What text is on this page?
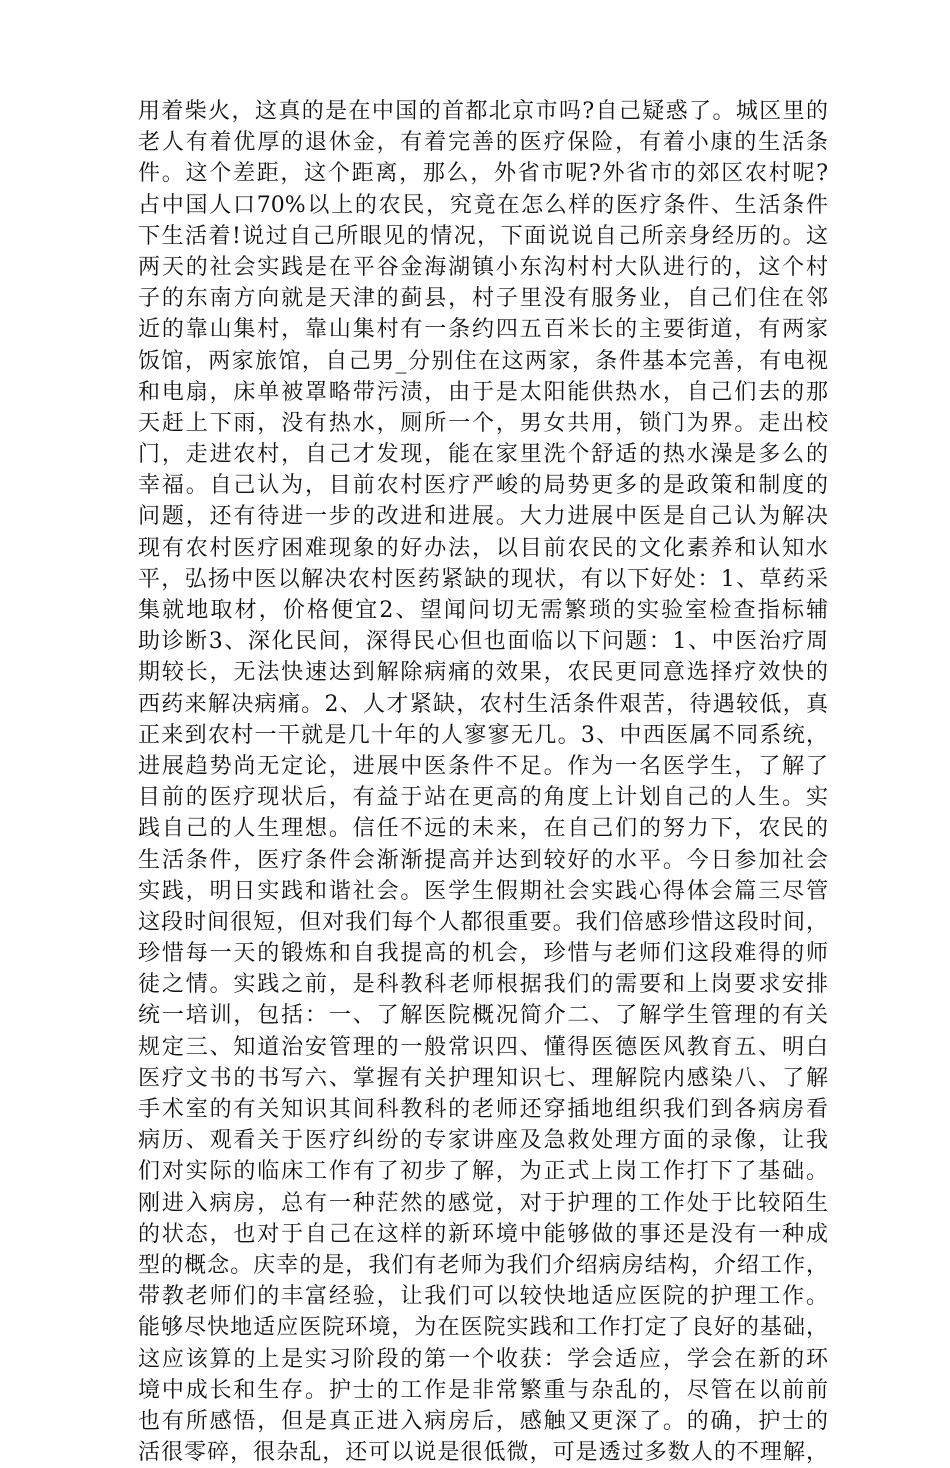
用着柴火，这真的是在中国的首都北京市吗?自己疑惑了。城区里的
老人有着优厚的退休金，有着完善的医疗保险，有着小康的生活条
件。这个差距，这个距离，那么，外省市呢?外省市的郊区农村呢?
占中国人口70%以上的农民，究竟在怎么样的医疗条件、生活条件
下生活着!说过自己所眼见的情况，下面说说自己所亲身经历的。这
两天的社会实践是在平谷金海湖镇小东沟村村大队进行的，这个村
子的东南方向就是天津的蓟县，村子里没有服务业，自己们住在邻
近的靠山集村，靠山集村有一条约四五百米长的主要街道，有两家
饭馆，两家旅馆，自己男_分别住在这两家，条件基本完善，有电视
和电扇，床单被罩略带污渍，由于是太阳能供热水，自己们去的那
天赶上下雨，没有热水，厕所一个，男女共用，锁门为界。走出校
门，走进农村，自己才发现，能在家里洗个舒适的热水澡是多么的
幸福。自己认为，目前农村医疗严峻的局势更多的是政策和制度的
问题，还有待进一步的改进和进展。大力进展中医是自己认为解决
现有农村医疗困难现象的好办法，以目前农民的文化素养和认知水
平，弘扬中医以解决农村医药紧缺的现状，有以下好处：1、草药采
集就地取材，价格便宜2、望闻问切无需繁琐的实验室检查指标辅
助诊断3、深化民间，深得民心但也面临以下问题：1、中医治疗周
期较长，无法快速达到解除病痛的效果，农民更同意选择疗效快的
西药来解决病痛。2、人才紧缺，农村生活条件艰苦，待遇较低，真
正来到农村一干就是几十年的人寥寥无几。3、中西医属不同系统，
进展趋势尚无定论，进展中医条件不足。作为一名医学生，了解了
目前的医疗现状后，有益于站在更高的角度上计划自己的人生。实
践自己的人生理想。信任不远的未来，在自己们的努力下，农民的
生活条件，医疗条件会渐渐提高并达到较好的水平。今日参加社会
实践，明日实践和谐社会。医学生假期社会实践心得体会篇三尽管
这段时间很短，但对我们每个人都很重要。我们倍感珍惜这段时间，
珍惜每一天的锻炼和自我提高的机会，珍惜与老师们这段难得的师
徒之情。实践之前，是科教科老师根据我们的需要和上岗要求安排
统一培训，包括：一、了解医院概况简介二、了解学生管理的有关
规定三、知道治安管理的一般常识四、懂得医德医风教育五、明白
医疗文书的书写六、掌握有关护理知识七、理解院内感染八、了解
手术室的有关知识其间科教科的老师还穿插地组织我们到各病房看
病历、观看关于医疗纠纷的专家讲座及急救处理方面的录像，让我
们对实际的临床工作有了初步了解，为正式上岗工作打下了基础。
刚进入病房，总有一种茫然的感觉，对于护理的工作处于比较陌生
的状态，也对于自己在这样的新环境中能够做的事还是没有一种成
型的概念。庆幸的是，我们有老师为我们介绍病房结构，介绍工作，
带教老师们的丰富经验，让我们可以较快地适应医院的护理工作。
能够尽快地适应医院环境，为在医院实践和工作打定了良好的基础，
这应该算的上是实习阶段的第一个收获：学会适应，学会在新的环
境中成长和生存。护士的工作是非常繁重与杂乱的，尽管在以前前
也有所感悟，但是真正进入病房后，感触又更深了。的确，护士的
活很零碎，很杂乱，还可以说是很低微，可是透过多数人的不理解，
